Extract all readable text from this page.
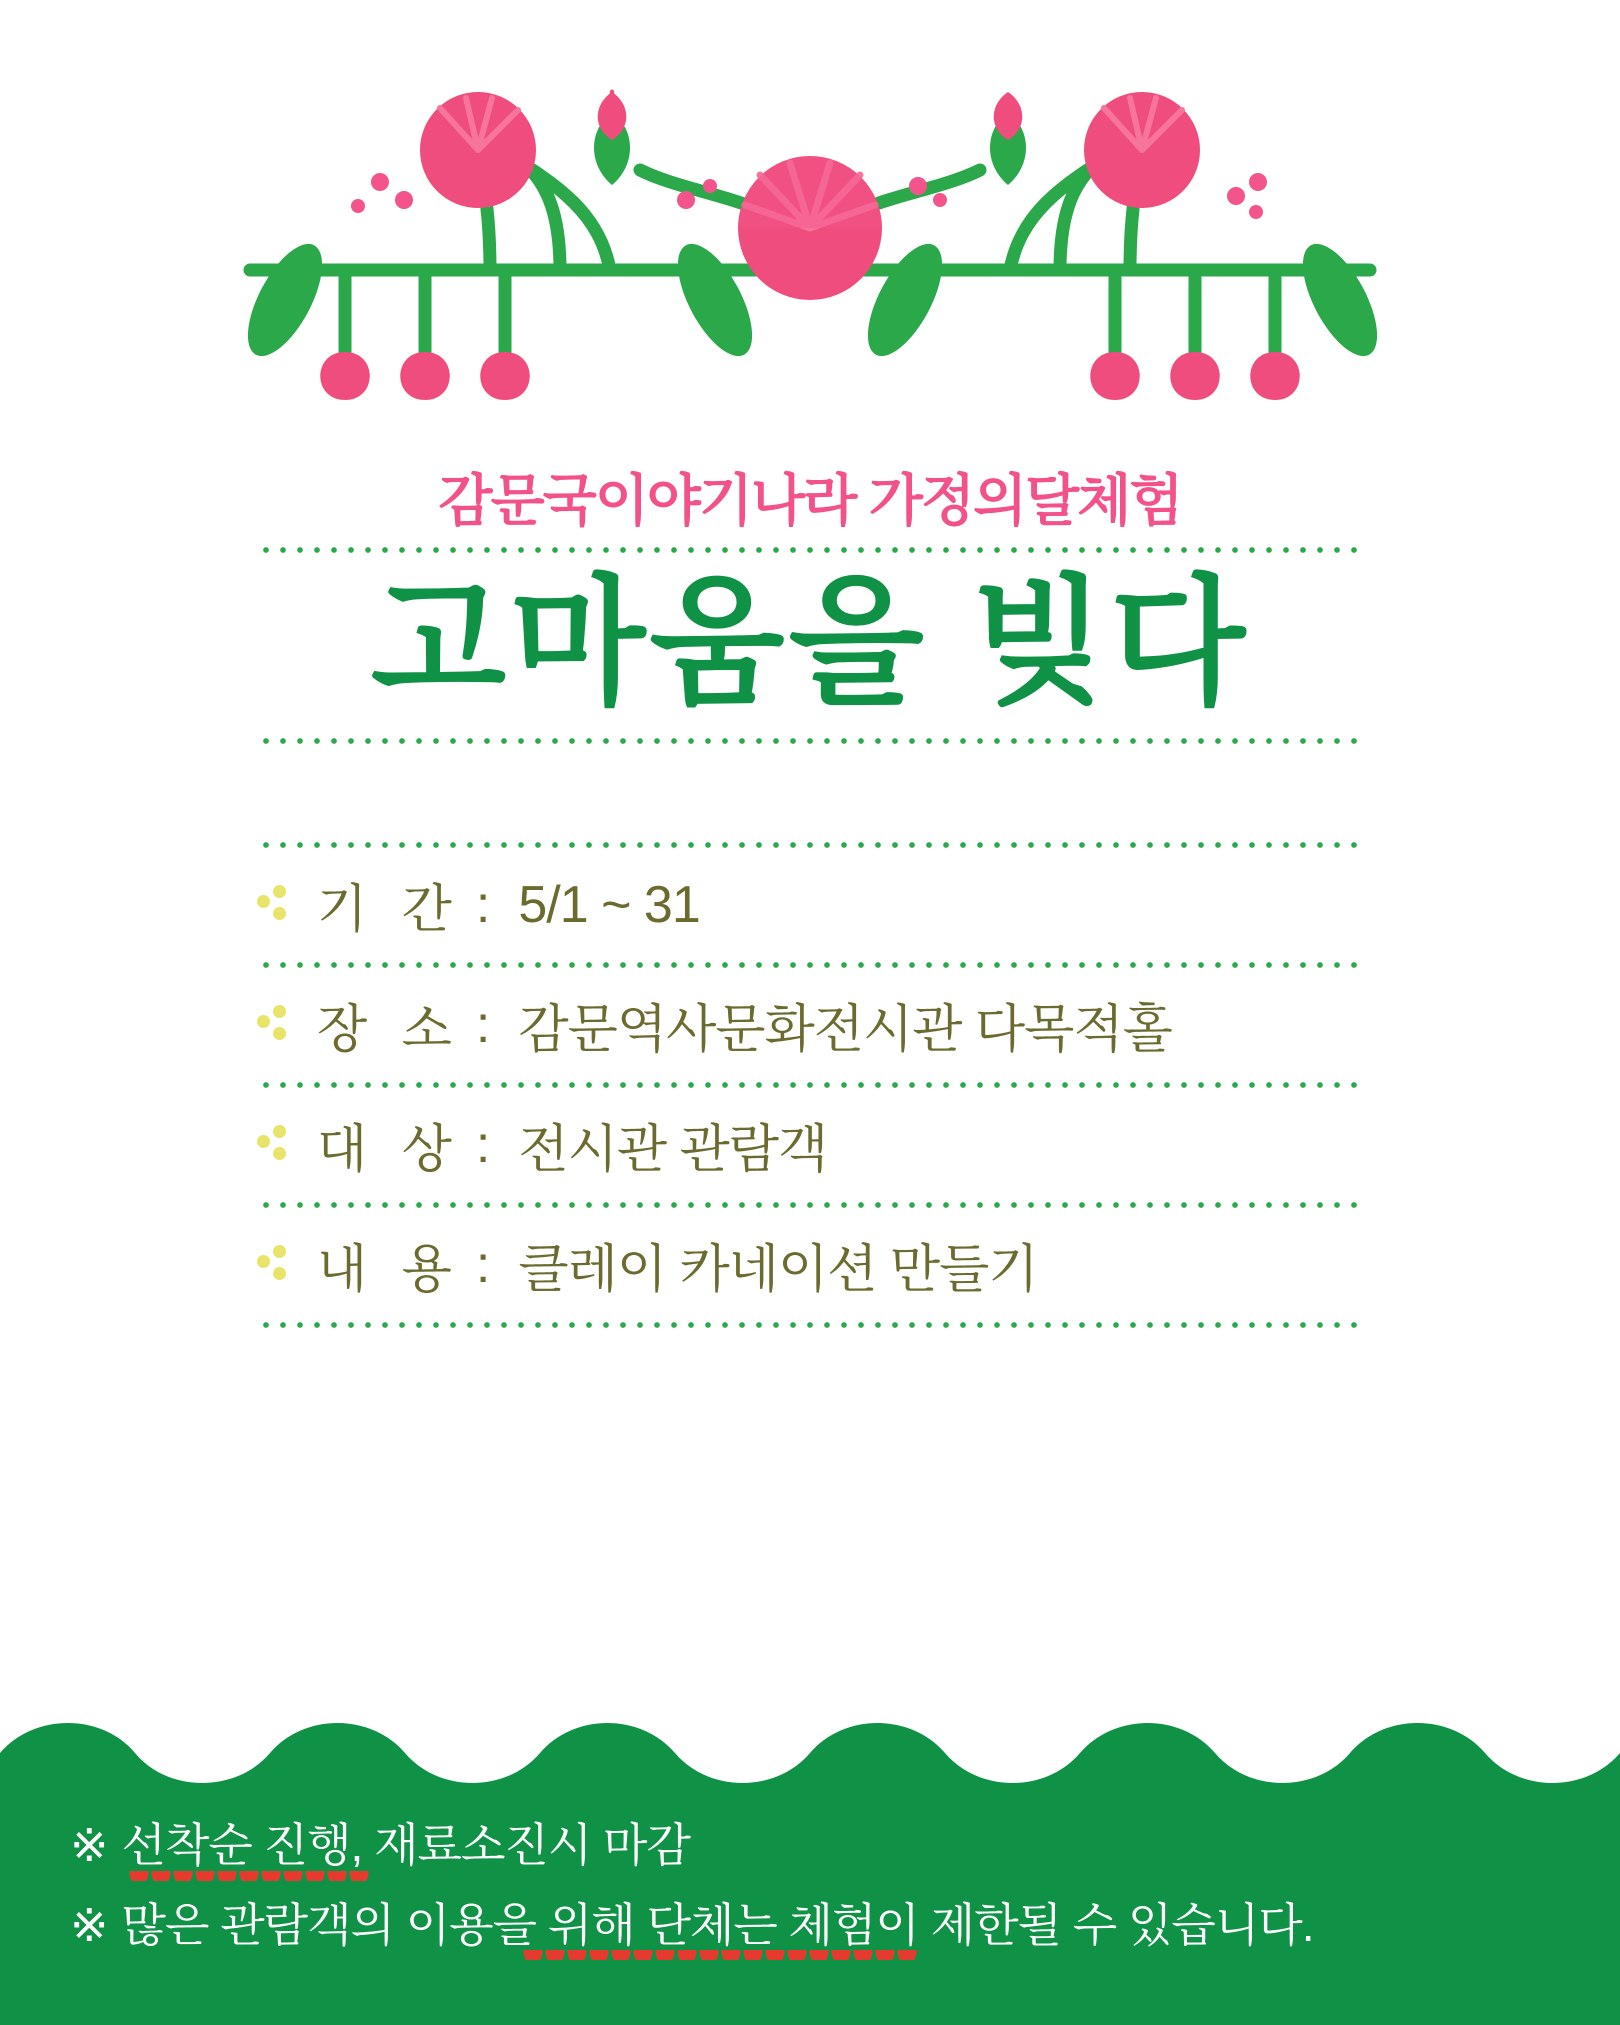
감문국이야기나라 가정의달체험
고마움을 빚다
기 간 : 5/1 ~ 31
장 소 : 감문역사문화전시관 다목적홀
대 상 : 전시관 관람객
내 용 : 클레이 카네이션 만들기
※ 선착순 진행, 재료소진시 마감
※ 많은 관람객의 이용을 위해 단체는 체험이 제한될 수 있습니다.
